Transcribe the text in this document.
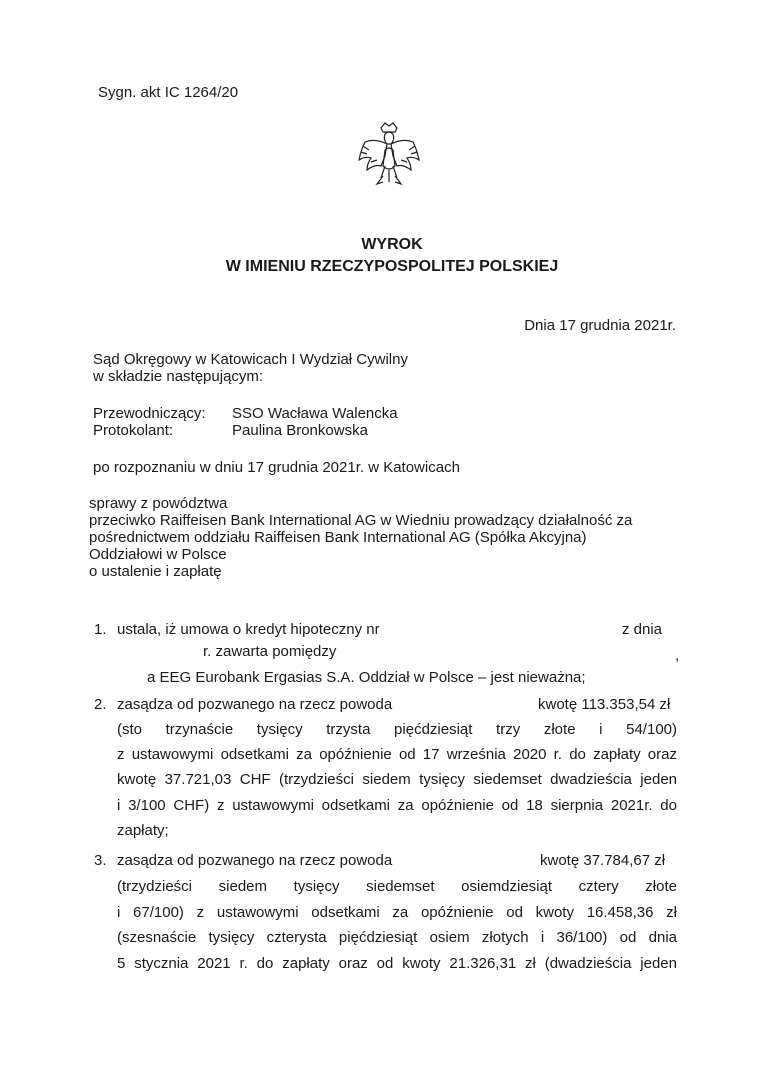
Sygn. akt IC 1264/20
WYROK
W IMIENIU RZECZYPOSPOLITEJ POLSKIEJ
Dnia 17 grudnia 2021r.
Sąd Okręgowy w Katowicach I Wydział Cywilny
w składzie następującym:
Przewodniczący: SSO Wacława Walencka
Protokolant:	Paulina Bronkowska
po rozpoznaniu w dniu 17 grudnia 2021r. w Katowicach
sprawy z powództwa
przeciwko Raiffeisen Bank International AG w Wiedniu prowadzący działalność za
pośrednictwem oddziału Raiffeisen Bank International AG (Spółka Akcyjna)
Oddziałowi w Polsce
o ustalenie i zapłatę
1. ustala, iż umowa o kredyt hipoteczny nr	z dnia
r. zawarta pomiędzy	,
a EEG Eurobank Ergasias S.A. Oddział w Polsce – jest nieważna;
2. zasądza od pozwanego na rzecz powoda	kwotę 113.353,54 zł
(sto trzynaście tysięcy trzysta pięćdziesiąt trzy złote i 54/100)
z ustawowymi odsetkami za opóźnienie od 17 września 2020 r. do zapłaty oraz
kwotę 37.721,03 CHF (trzydzieści siedem tysięcy siedemset dwadzieścia jeden
i 3/100 CHF) z ustawowymi odsetkami za opóźnienie od 18 sierpnia 2021r. do
zapłaty;
3. zasądza od pozwanego na rzecz powoda	kwotę 37.784,67 zł
(trzydzieści siedem tysięcy siedemset osiemdziesiąt cztery złote
i 67/100) z ustawowymi odsetkami za opóźnienie od kwoty 16.458,36 zł
(szesnaście tysięcy czterysta pięćdziesiąt osiem złotych i 36/100) od dnia
5 stycznia 2021 r. do zapłaty oraz od kwoty 21.326,31 zł (dwadzieścia jeden
